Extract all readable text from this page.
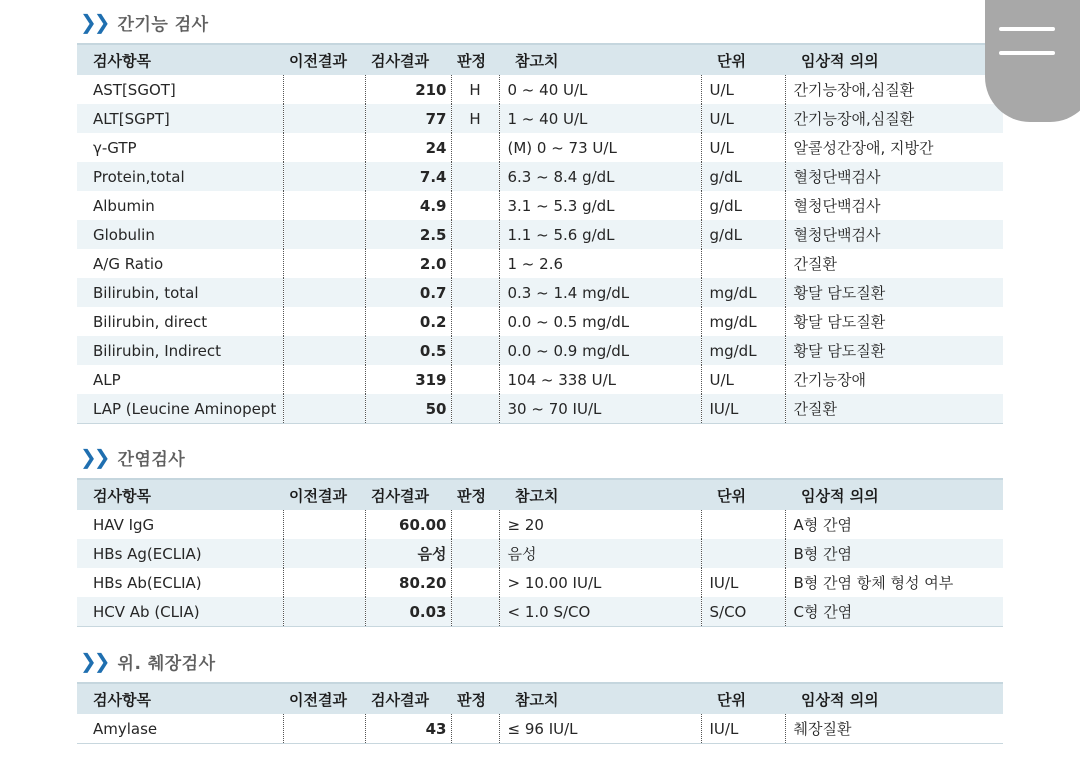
❯❯ 간기능 검사
검사항목	이전결과	검사결과	판정	참고치	단위	임상적 의의
AST[SGOT]		210	H	0 ~ 40 U/L	U/L	간기능장애,심질환
ALT[SGPT]		77	H	1 ~ 40 U/L	U/L	간기능장애,심질환
γ-GTP		24		(M) 0 ~ 73 U/L	U/L	알콜성간장애, 지방간
Protein,total		7.4		6.3 ~ 8.4 g/dL	g/dL	혈청단백검사
Albumin		4.9		3.1 ~ 5.3 g/dL	g/dL	혈청단백검사
Globulin		2.5		1.1 ~ 5.6 g/dL	g/dL	혈청단백검사
A/G Ratio		2.0		1 ~ 2.6		간질환
Bilirubin, total		0.7		0.3 ~ 1.4 mg/dL	mg/dL	황달 담도질환
Bilirubin, direct		0.2		0.0 ~ 0.5 mg/dL	mg/dL	황달 담도질환
Bilirubin, Indirect		0.5		0.0 ~ 0.9 mg/dL	mg/dL	황달 담도질환
ALP		319		104 ~ 338 U/L	U/L	간기능장애
LAP (Leucine Aminopept		50		30 ~ 70 IU/L	IU/L	간질환
❯❯ 간염검사
검사항목	이전결과	검사결과	판정	참고치	단위	임상적 의의
HAV IgG		60.00		≥ 20		A형 간염
HBs Ag(ECLIA)		음성		음성		B형 간염
HBs Ab(ECLIA)		80.20		> 10.00 IU/L	IU/L	B형 간염 항체 형성 여부
HCV Ab (CLIA)		0.03		< 1.0 S/CO	S/CO	C형 간염
❯❯ 위. 췌장검사
검사항목	이전결과	검사결과	판정	참고치	단위	임상적 의의
Amylase		43		≤ 96 IU/L	IU/L	췌장질환
